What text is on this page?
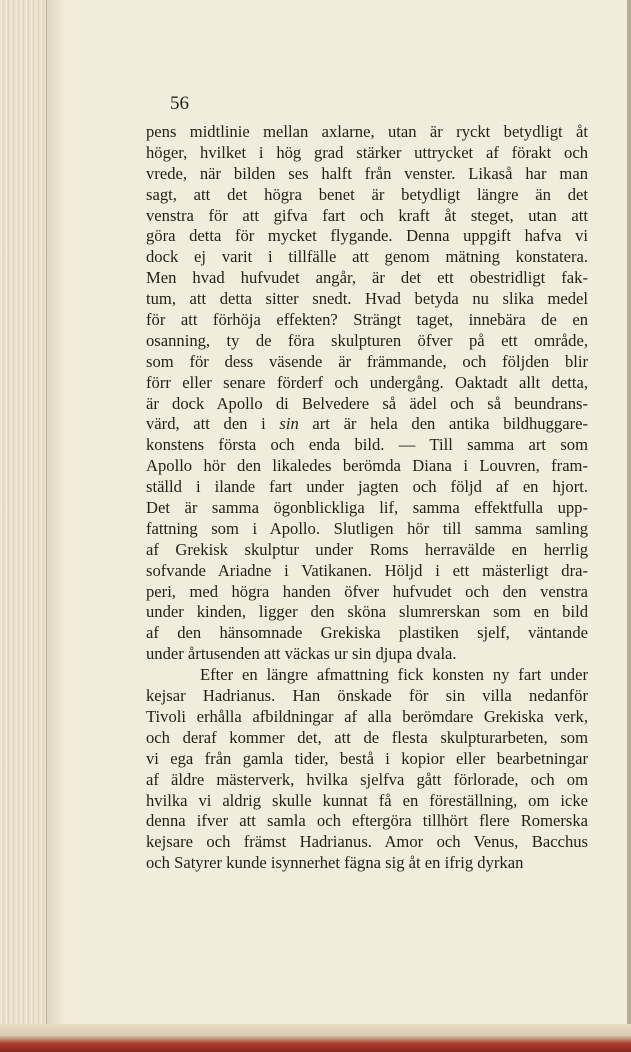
56
pens midtlinie mellan axlarne, utan är ryckt betydligt åt
höger, hvilket i hög grad stärker uttrycket af förakt och
vrede, när bilden ses halft från venster. Likaså har man
sagt, att det högra benet är betydligt längre än det
venstra för att gifva fart och kraft åt steget, utan att
göra detta för mycket flygande. Denna uppgift hafva vi
dock ej varit i tillfälle att genom mätning konstatera.
Men hvad hufvudet angår, är det ett obestridligt fak-
tum, att detta sitter snedt. Hvad betyda nu slika medel
för att förhöja effekten? Strängt taget, innebära de en
osanning, ty de föra skulpturen öfver på ett område,
som för dess väsende är främmande, och följden blir
förr eller senare förderf och undergång. Oaktadt allt detta,
är dock Apollo di Belvedere så ädel och så beundrans-
värd, att den i sin art är hela den antika bildhuggare-
konstens första och enda bild. — Till samma art som
Apollo hör den likaledes berömda Diana i Louvren, fram-
ställd i ilande fart under jagten och följd af en hjort.
Det är samma ögonblickliga lif, samma effektfulla upp-
fattning som i Apollo. Slutligen hör till samma samling
af Grekisk skulptur under Roms herravälde en herrlig
sofvande Ariadne i Vatikanen. Höljd i ett mästerligt dra-
peri, med högra handen öfver hufvudet och den venstra
under kinden, ligger den sköna slumrerskan som en bild
af den hänsomnade Grekiska plastiken sjelf, väntande
under årtusenden att väckas ur sin djupa dvala.
Efter en längre afmattning fick konsten ny fart under
kejsar Hadrianus. Han önskade för sin villa nedanför
Tivoli erhålla afbildningar af alla berömdare Grekiska verk,
och deraf kommer det, att de flesta skulpturarbeten, som
vi ega från gamla tider, bestå i kopior eller bearbetningar
af äldre mästerverk, hvilka sjelfva gått förlorade, och om
hvilka vi aldrig skulle kunnat få en föreställning, om icke
denna ifver att samla och eftergöra tillhört flere Romerska
kejsare och främst Hadrianus. Amor och Venus, Bacchus
och Satyrer kunde isynnerhet fägna sig åt en ifrig dyrkan
